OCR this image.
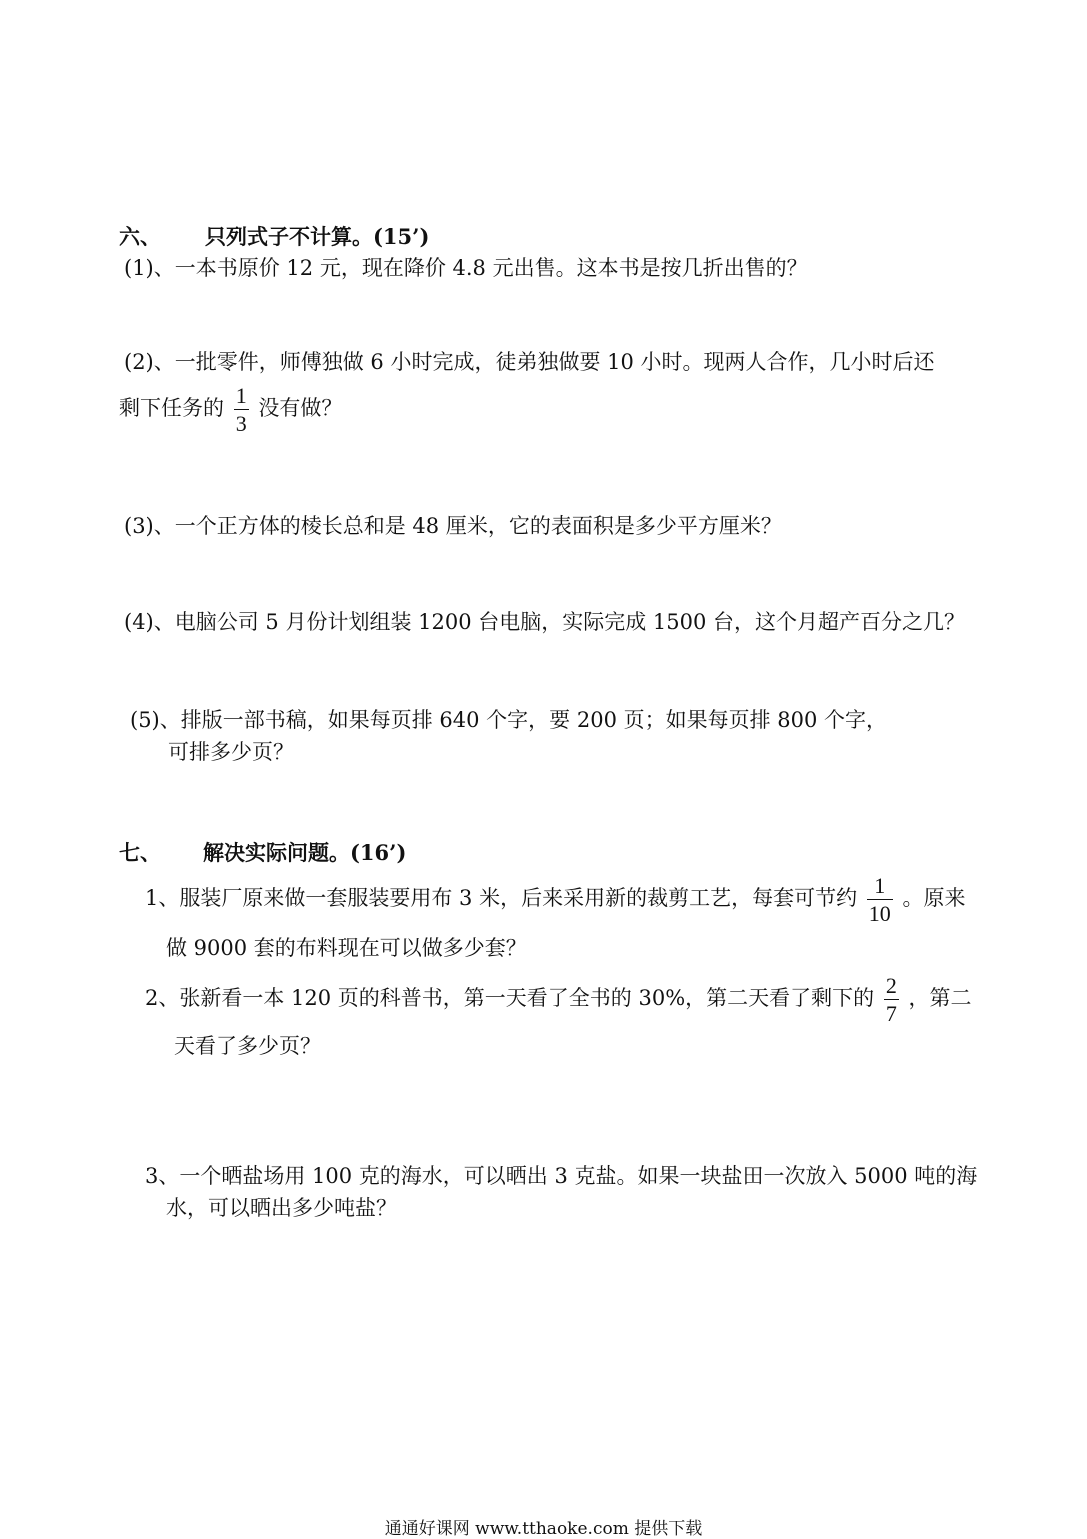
六、 只列式子不计算。(15’)
(1)、一本书原价 12 元，现在降价 4.8 元出售。这本书是按几折出售的？
(2)、一批零件，师傅独做 6 小时完成，徒弟独做要 10 小时。现两人合作，几小时后还
剩下任务的 $\frac{1}{3}$ 没有做？
(3)、一个正方体的棱长总和是 48 厘米，它的表面积是多少平方厘米？
(4)、电脑公司 5 月份计划组装 1200 台电脑，实际完成 1500 台，这个月超产百分之几？
(5)、排版一部书稿，如果每页排 640 个字，要 200 页；如果每页排 800 个字，
可排多少页？
七、 解决实际问题。(16’)
1、服装厂原来做一套服装要用布 3 米，后来采用新的裁剪工艺，每套可节约 $\frac{1}{10}$ 。原来
做 9000 套的布料现在可以做多少套？
2、张新看一本 120 页的科普书，第一天看了全书的 30%，第二天看了剩下的 $\frac{2}{7}$ ，第二
天看了多少页？
3、一个晒盐场用 100 克的海水，可以晒出 3 克盐。如果一块盐田一次放入 5000 吨的海
水，可以晒出多少吨盐？
通通好课网 www.tthaoke.com 提供下载
